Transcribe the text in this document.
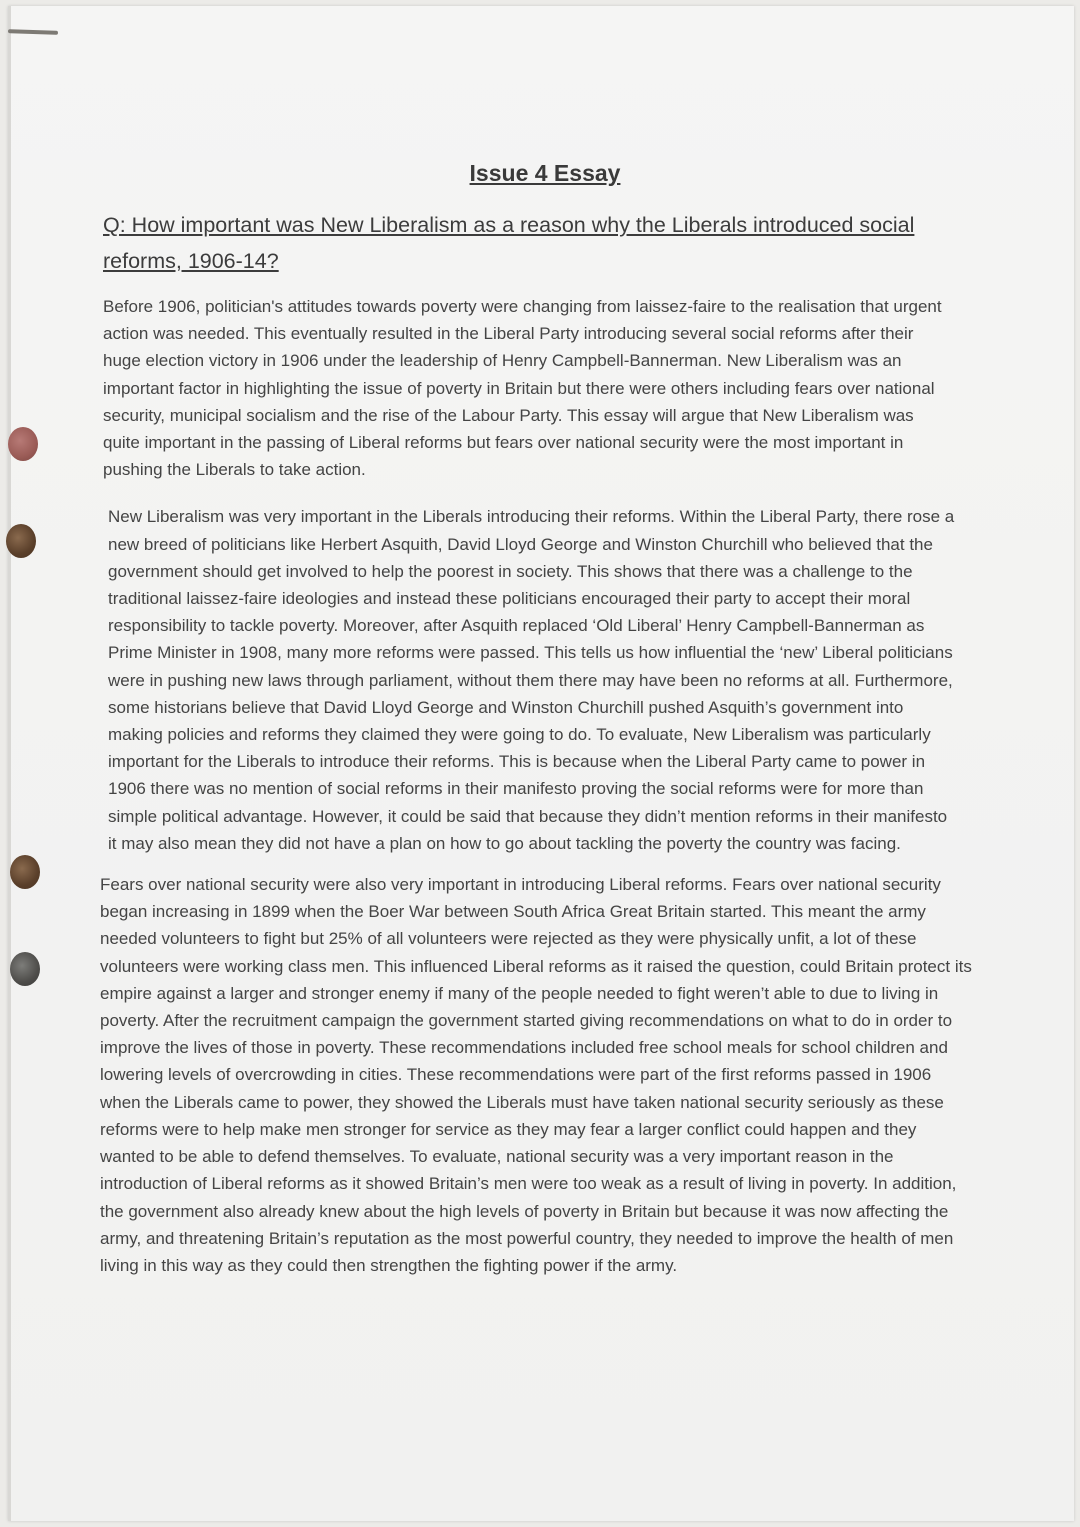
Issue 4 Essay
Q: How important was New Liberalism as a reason why the Liberals introduced social reforms, 1906-14?

Before 1906, politician's attitudes towards poverty were changing from laissez-faire to the realisation that urgent action was needed. This eventually resulted in the Liberal Party introducing several social reforms after their huge election victory in 1906 under the leadership of Henry Campbell-Bannerman. New Liberalism was an important factor in highlighting the issue of poverty in Britain but there were others including fears over national security, municipal socialism and the rise of the Labour Party. This essay will argue that New Liberalism was quite important in the passing of Liberal reforms but fears over national security were the most important in pushing the Liberals to take action.

New Liberalism was very important in the Liberals introducing their reforms. Within the Liberal Party, there rose a new breed of politicians like Herbert Asquith, David Lloyd George and Winston Churchill who believed that the government should get involved to help the poorest in society. This shows that there was a challenge to the traditional laissez-faire ideologies and instead these politicians encouraged their party to accept their moral responsibility to tackle poverty. Moreover, after Asquith replaced ‘Old Liberal’ Henry Campbell-Bannerman as Prime Minister in 1908, many more reforms were passed. This tells us how influential the ‘new’ Liberal politicians were in pushing new laws through parliament, without them there may have been no reforms at all. Furthermore, some historians believe that David Lloyd George and Winston Churchill pushed Asquith’s government into making policies and reforms they claimed they were going to do. To evaluate, New Liberalism was particularly important for the Liberals to introduce their reforms. This is because when the Liberal Party came to power in 1906 there was no mention of social reforms in their manifesto proving the social reforms were for more than simple political advantage. However, it could be said that because they didn’t mention reforms in their manifesto it may also mean they did not have a plan on how to go about tackling the poverty the country was facing.

Fears over national security were also very important in introducing Liberal reforms. Fears over national security began increasing in 1899 when the Boer War between South Africa Great Britain started. This meant the army needed volunteers to fight but 25% of all volunteers were rejected as they were physically unfit, a lot of these volunteers were working class men. This influenced Liberal reforms as it raised the question, could Britain protect its empire against a larger and stronger enemy if many of the people needed to fight weren’t able to due to living in poverty. After the recruitment campaign the government started giving recommendations on what to do in order to improve the lives of those in poverty. These recommendations included free school meals for school children and lowering levels of overcrowding in cities. These recommendations were part of the first reforms passed in 1906 when the Liberals came to power, they showed the Liberals must have taken national security seriously as these reforms were to help make men stronger for service as they may fear a larger conflict could happen and they wanted to be able to defend themselves. To evaluate, national security was a very important reason in the introduction of Liberal reforms as it showed Britain’s men were too weak as a result of living in poverty. In addition, the government also already knew about the high levels of poverty in Britain but because it was now affecting the army, and threatening Britain’s reputation as the most powerful country, they needed to improve the health of men living in this way as they could then strengthen the fighting power if the army.
